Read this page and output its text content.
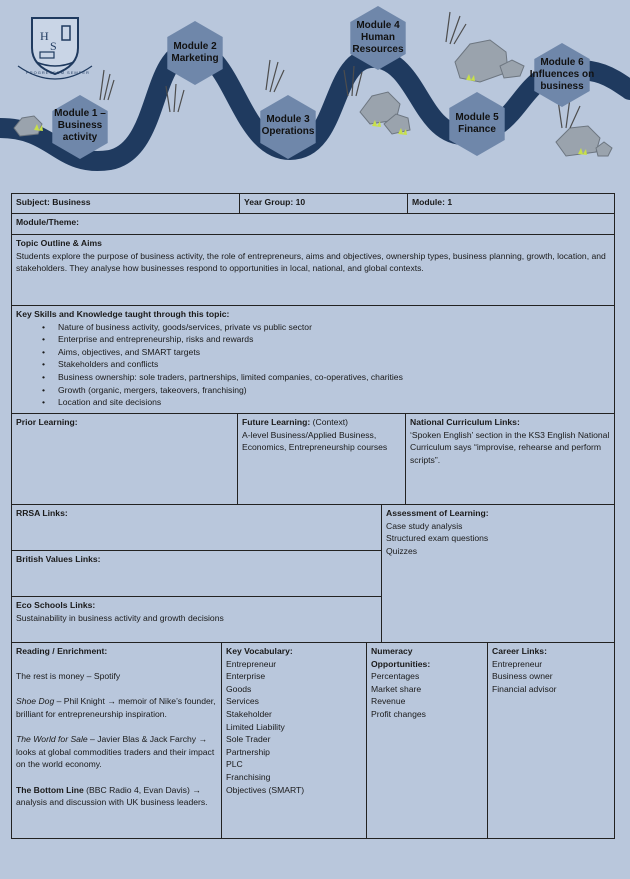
H
S
PROGRESSUM SEMPER
Module 1 –
Business
activity
Module 2
Marketing
Module 3
Operations
Module 4
Human
Resources
Module 5
Finance
Module 6
Influences on
business
Subject: Business	Year Group: 10	Module: 1
Module/Theme:
Topic Outline & Aims
Students explore the purpose of business activity, the role of entrepreneurs, aims and objectives, ownership types, business planning, growth, location, and stakeholders. They analyse how businesses respond to opportunities in local, national, and global contexts.
Key Skills and Knowledge taught through this topic:
• Nature of business activity, goods/services, private vs public sector
• Enterprise and entrepreneurship, risks and rewards
• Aims, objectives, and SMART targets
• Stakeholders and conflicts
• Business ownership: sole traders, partnerships, limited companies, co-operatives, charities
• Growth (organic, mergers, takeovers, franchising)
• Location and site decisions
Prior Learning:	Future Learning: (Context)
A-level Business/Applied Business, Economics, Entrepreneurship courses
National Curriculum Links:
‘Spoken English’ section in the KS3 English National Curriculum says “improvise, rehearse and perform scripts”.
RRSA Links:
British Values Links:
Eco Schools Links:
Sustainability in business activity and growth decisions
Assessment of Learning:
Case study analysis
Structured exam questions
Quizzes
Reading / Enrichment:
The rest is money – Spotify
Shoe Dog – Phil Knight → memoir of Nike’s founder, brilliant for entrepreneurship inspiration.
The World for Sale – Javier Blas & Jack Farchy → looks at global commodities traders and their impact on the world economy.
The Bottom Line (BBC Radio 4, Evan Davis) → analysis and discussion with UK business leaders.
Key Vocabulary:
Entrepreneur
Enterprise
Goods
Services
Stakeholder
Limited Liability
Sole Trader
Partnership
PLC
Franchising
Objectives (SMART)
Numeracy
Opportunities:
Percentages
Market share
Revenue
Profit changes
Career Links:
Entrepreneur
Business owner
Financial advisor
